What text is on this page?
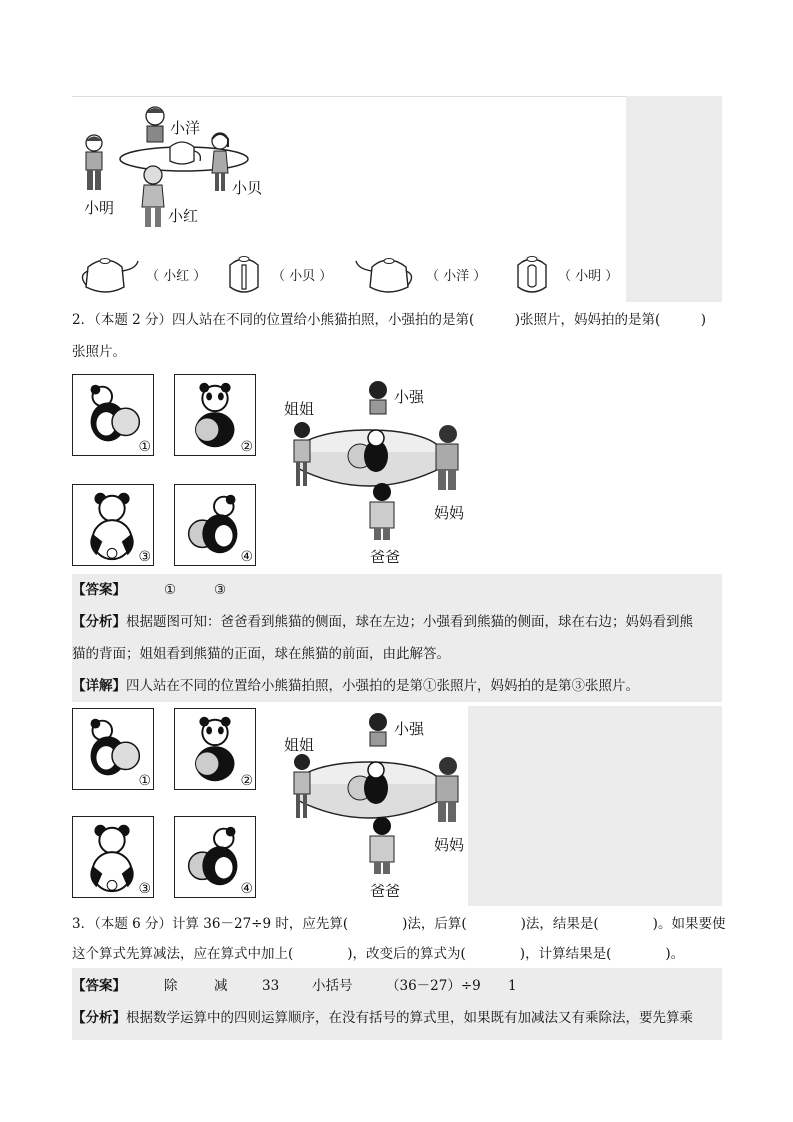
小洋
小明
小贝
小红
（ 小红 ）	（ 小贝 ）	（ 小洋 ）	（ 小明 ）
2．（本题 2 分）四人站在不同的位置给小熊猫拍照，小强拍的是第(　　　)张照片，妈妈拍的是第(　　　)
张照片。
①	②
③	④
小强
姐姐
妈妈
爸爸
【答案】	①	③
【分析】根据题图可知：爸爸看到熊猫的侧面，球在左边；小强看到熊猫的侧面，球在右边；妈妈看到熊
猫的背面；姐姐看到熊猫的正面，球在熊猫的前面，由此解答。
【详解】四人站在不同的位置给小熊猫拍照，小强拍的是第①张照片，妈妈拍的是第③张照片。
①	②
③	④
小强
姐姐
妈妈
爸爸
3．（本题 6 分）计算 36－27÷9 时，应先算(　　　　)法，后算(　　　　)法，结果是(　　　　)。如果要使
这个算式先算减法，应在算式中加上(　　　　)，改变后的算式为(　　　　)，计算结果是(　　　　)。
【答案】	除	减	33 小括号 （36－27）÷9 1
【分析】根据数学运算中的四则运算顺序，在没有括号的算式里，如果既有加减法又有乘除法，要先算乘
